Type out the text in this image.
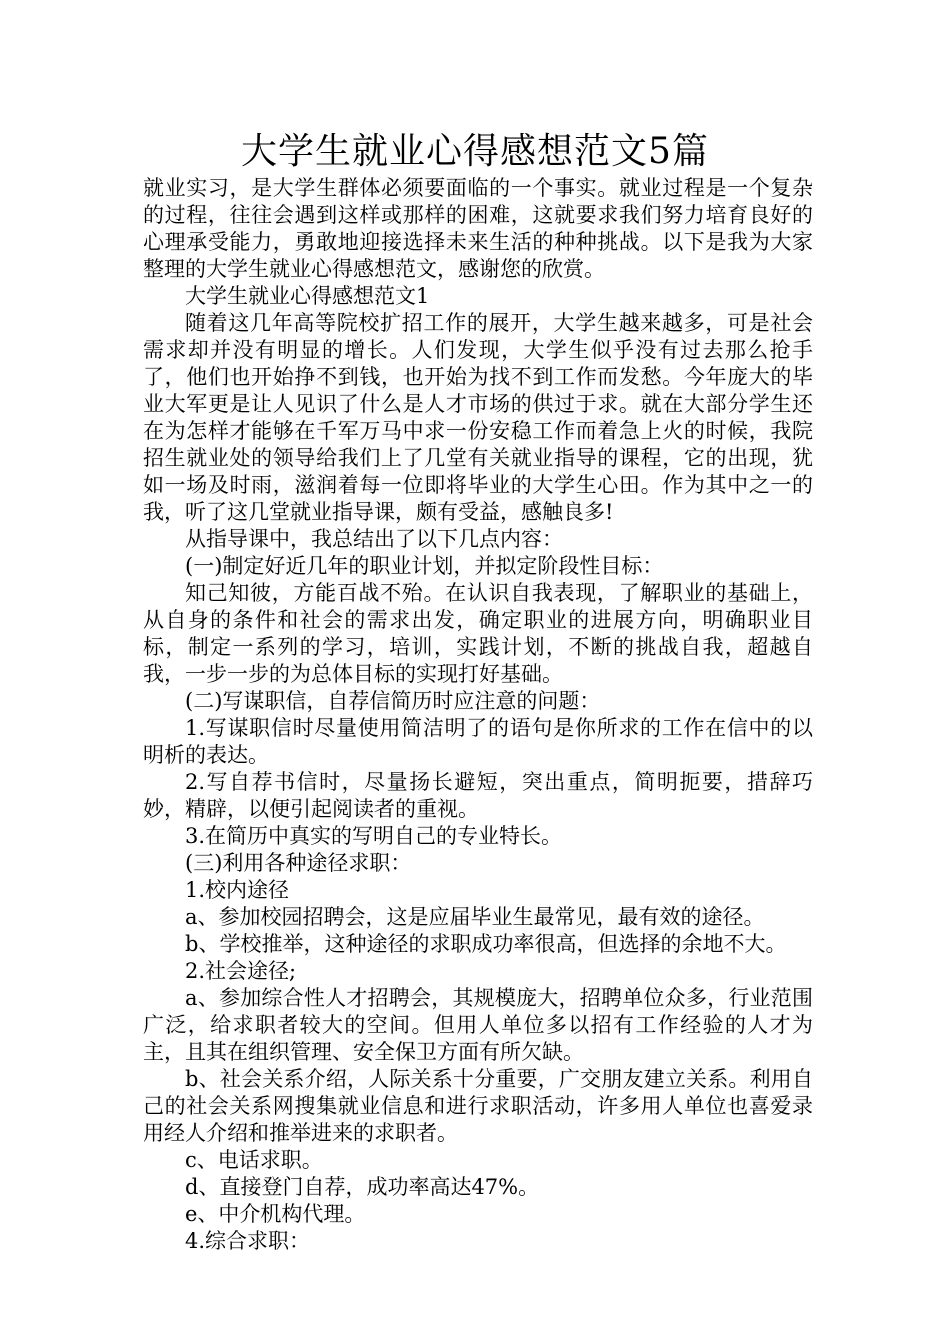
大学生就业心得感想范文5篇

就业实习，是大学生群体必须要面临的一个事实。就业过程是一个复杂的过程，往往会遇到这样或那样的困难，这就要求我们努力培育良好的心理承受能力，勇敢地迎接选择未来生活的种种挑战。以下是我为大家整理的大学生就业心得感想范文，感谢您的欣赏。

大学生就业心得感想范文1

随着这几年高等院校扩招工作的展开，大学生越来越多，可是社会需求却并没有明显的增长。人们发现，大学生似乎没有过去那么抢手了，他们也开始挣不到钱，也开始为找不到工作而发愁。今年庞大的毕业大军更是让人见识了什么是人才市场的供过于求。就在大部分学生还在为怎样才能够在千军万马中求一份安稳工作而着急上火的时候，我院招生就业处的领导给我们上了几堂有关就业指导的课程，它的出现，犹如一场及时雨，滋润着每一位即将毕业的大学生心田。作为其中之一的我，听了这几堂就业指导课，颇有受益，感触良多!

从指导课中，我总结出了以下几点内容：

(一)制定好近几年的职业计划，并拟定阶段性目标：

知己知彼，方能百战不殆。在认识自我表现，了解职业的基础上，从自身的条件和社会的需求出发，确定职业的进展方向，明确职业目标，制定一系列的学习，培训，实践计划，不断的挑战自我，超越自我，一步一步的为总体目标的实现打好基础。

(二)写谋职信，自荐信简历时应注意的问题：

1.写谋职信时尽量使用简洁明了的语句是你所求的工作在信中的以明析的表达。

2.写自荐书信时，尽量扬长避短，突出重点，简明扼要，措辞巧妙，精辟，以便引起阅读者的重视。

3.在简历中真实的写明自己的专业特长。

(三)利用各种途径求职：

1.校内途径

a、参加校园招聘会，这是应届毕业生最常见，最有效的途径。

b、学校推举，这种途径的求职成功率很高，但选择的余地不大。

2.社会途径;

a、参加综合性人才招聘会，其规模庞大，招聘单位众多，行业范围广泛，给求职者较大的空间。但用人单位多以招有工作经验的人才为主，且其在组织管理、安全保卫方面有所欠缺。

b、社会关系介绍，人际关系十分重要，广交朋友建立关系。利用自己的社会关系网搜集就业信息和进行求职活动，许多用人单位也喜爱录用经人介绍和推举进来的求职者。

c、电话求职。

d、直接登门自荐，成功率高达47%。

e、中介机构代理。

4.综合求职：
